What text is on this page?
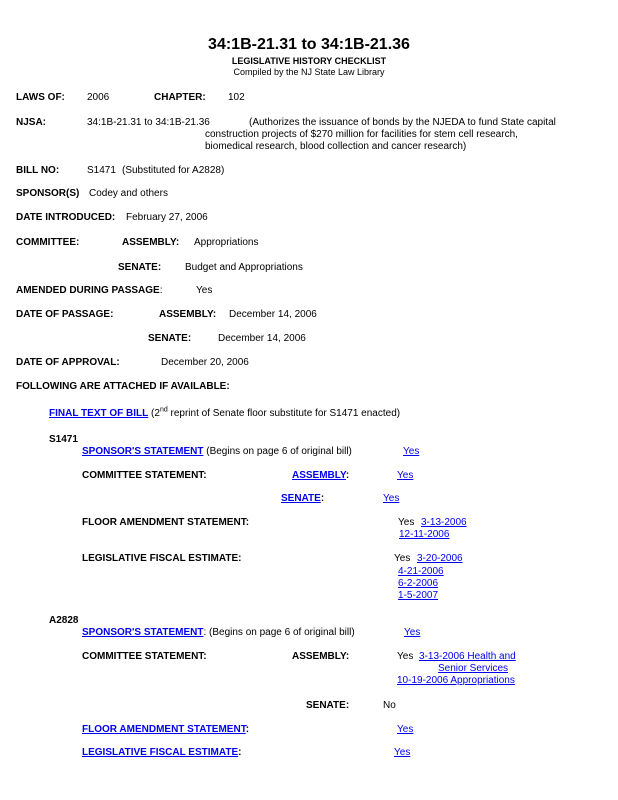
34:1B-21.31 to 34:1B-21.36
LEGISLATIVE HISTORY CHECKLIST
Compiled by the NJ State Law Library
LAWS OF: 2006	CHAPTER: 102
NJSA:	34:1B-21.31 to 34:1B-21.36	(Authorizes the issuance of bonds by the NJEDA to fund State capital
construction projects of $270 million for facilities for stem cell research,
biomedical research, blood collection and cancer research)
BILL NO:	S1471 (Substituted for A2828)
SPONSOR(S) Codey and others
DATE INTRODUCED: February 27, 2006
COMMITTEE:	ASSEMBLY: Appropriations
SENATE: Budget and Appropriations
AMENDED DURING PASSAGE:	Yes
DATE OF PASSAGE:	ASSEMBLY: December 14, 2006
SENATE:	December 14, 2006
DATE OF APPROVAL:	December 20, 2006
FOLLOWING ARE ATTACHED IF AVAILABLE:
FINAL TEXT OF BILL (2nd reprint of Senate floor substitute for S1471 enacted)
S1471
SPONSOR'S STATEMENT (Begins on page 6 of original bill)	Yes
COMMITTEE STATEMENT:	ASSEMBLY:	Yes
SENATE:	Yes
FLOOR AMENDMENT STATEMENT:	Yes 3-13-2006
12-11-2006
LEGISLATIVE FISCAL ESTIMATE:	Yes 3-20-2006
4-21-2006
6-2-2006
1-5-2007
A2828
SPONSOR'S STATEMENT: (Begins on page 6 of original bill)	Yes
COMMITTEE STATEMENT:	ASSEMBLY:	Yes 3-13-2006 Health and
Senior Services
10-19-2006 Appropriations
SENATE:	No
FLOOR AMENDMENT STATEMENT:	Yes
LEGISLATIVE FISCAL ESTIMATE:	Yes
